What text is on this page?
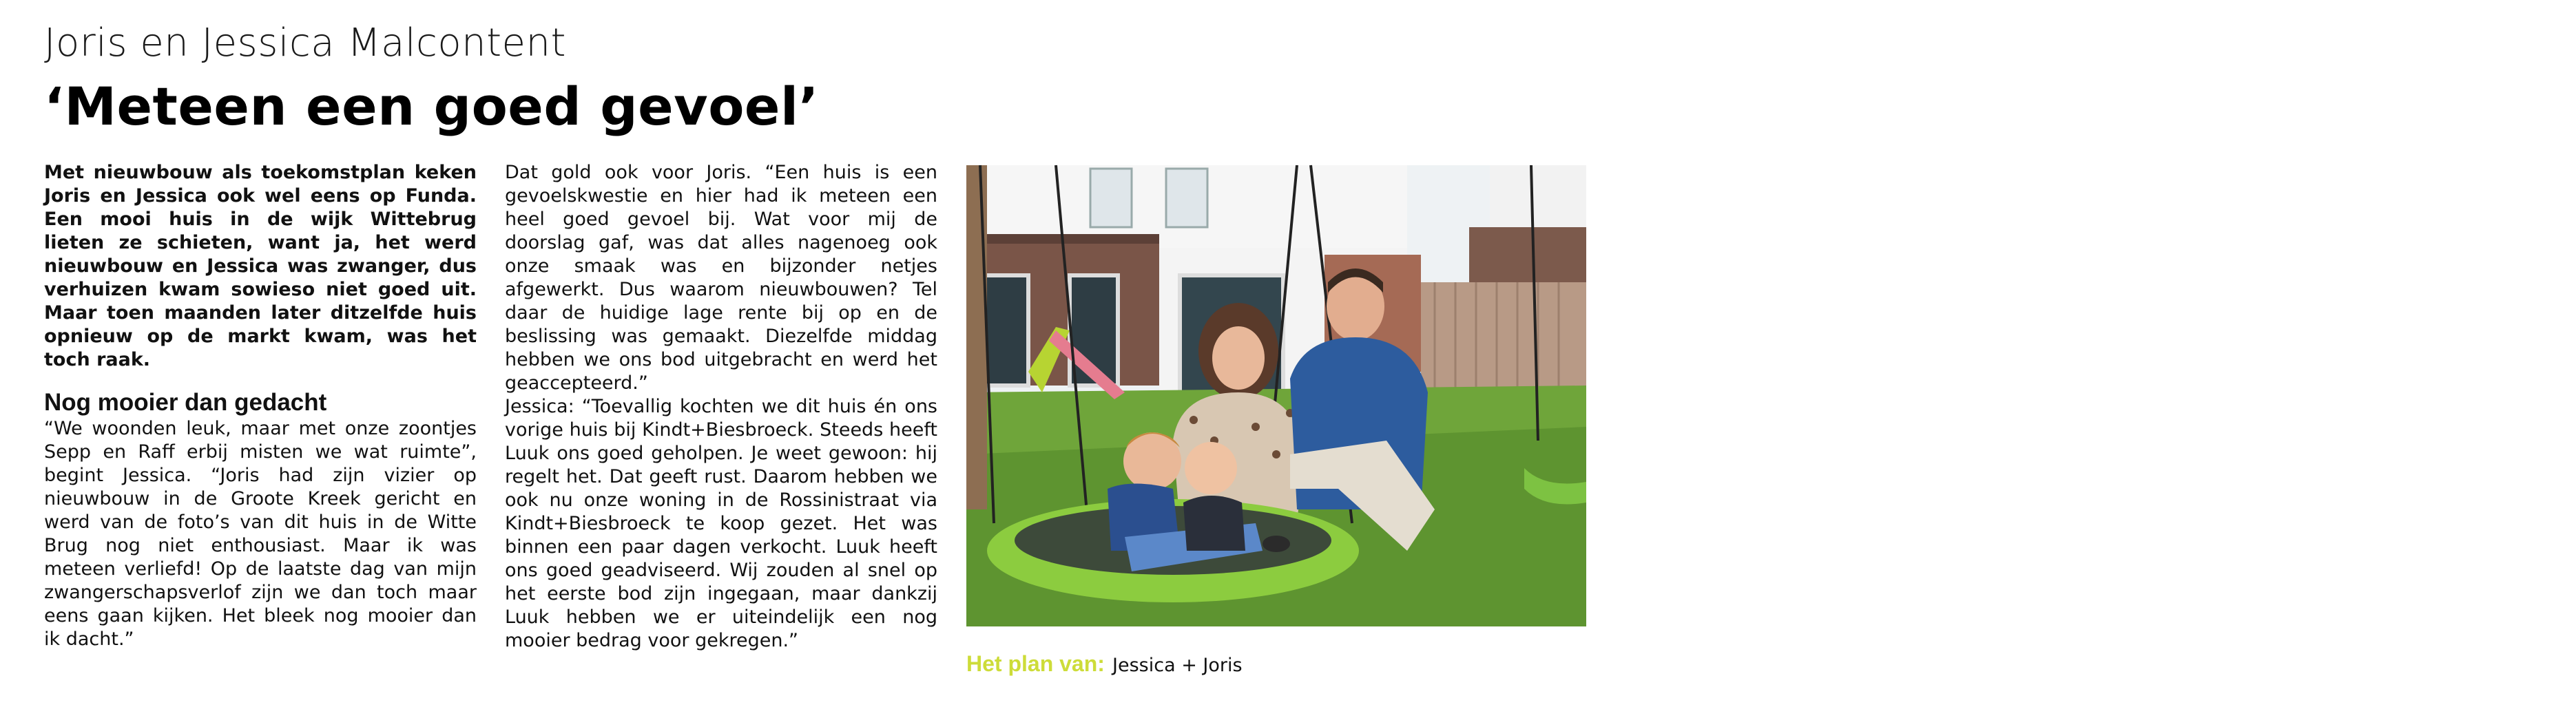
Joris en Jessica Malcontent
‘Meteen een goed gevoel’

Met nieuwbouw als toekomstplan keken Joris en Jessica ook wel eens op Funda. Een mooi huis in de wijk Wittebrug lieten ze schieten, want ja, het werd nieuwbouw en Jessica was zwanger, dus verhuizen kwam sowieso niet goed uit. Maar toen maanden later ditzelfde huis opnieuw op de markt kwam, was het toch raak.

Nog mooier dan gedacht

“We woonden leuk, maar met onze zoontjes Sepp en Raff erbij misten we wat ruimte”, begint Jessica. “Joris had zijn vizier op nieuwbouw in de Groote Kreek gericht en werd van de foto’s van dit huis in de Witte Brug nog niet enthousiast. Maar ik was meteen verliefd! Op de laatste dag van mijn zwangerschapsverlof zijn we dan toch maar eens gaan kijken. Het bleek nog mooier dan ik dacht.”

Dat gold ook voor Joris. “Een huis is een gevoelskwestie en hier had ik meteen een heel goed gevoel bij. Wat voor mij de doorslag gaf, was dat alles nagenoeg ook onze smaak was en bijzonder netjes afgewerkt. Dus waarom nieuwbouwen? Tel daar de huidige lage rente bij op en de beslissing was gemaakt. Diezelfde middag hebben we ons bod uitgebracht en werd het geaccepteerd.”

Jessica: “Toevallig kochten we dit huis én ons vorige huis bij Kindt+Biesbroeck. Steeds heeft Luuk ons goed geholpen. Je weet gewoon: hij regelt het. Dat geeft rust. Daarom hebben we ook nu onze woning in de Rossinistraat via Kindt+Biesbroeck te koop gezet. Het was binnen een paar dagen verkocht. Luuk heeft ons goed geadviseerd. Wij zouden al snel op het eerste bod zijn ingegaan, maar dankzij Luuk hebben we er uiteindelijk een nog mooier bedrag voor gekregen.”	Foto: Kim de Bodt
Het plan van: Jessica + Joris
